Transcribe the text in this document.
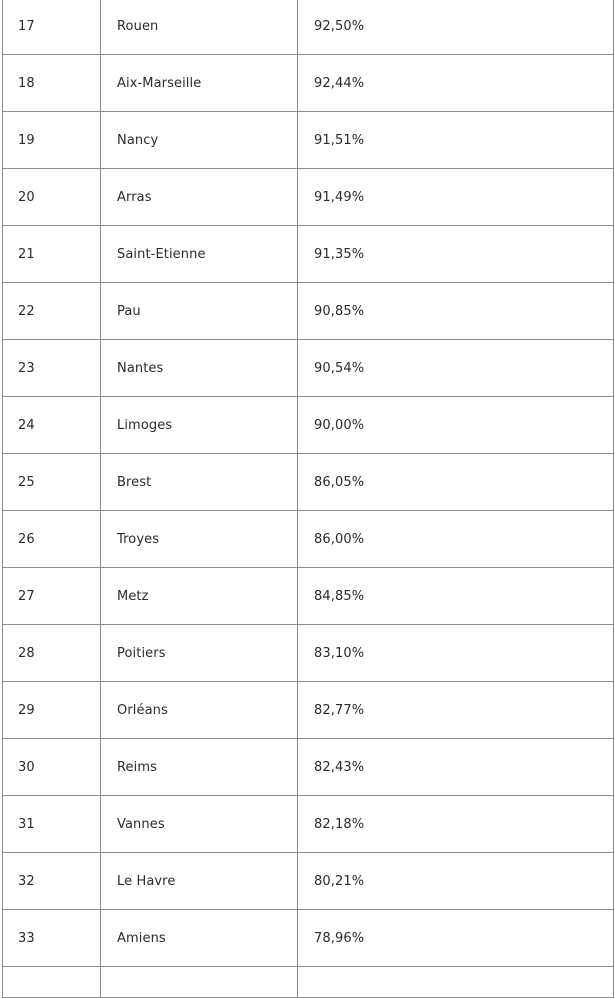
17	Rouen	92,50%
18	Aix-Marseille	92,44%
19	Nancy	91,51%
20	Arras	91,49%
21	Saint-Etienne	91,35%
22	Pau	90,85%
23	Nantes	90,54%
24	Limoges	90,00%
25	Brest	86,05%
26	Troyes	86,00%
27	Metz	84,85%
28	Poitiers	83,10%
29	Orléans	82,77%
30	Reims	82,43%
31	Vannes	82,18%
32	Le Havre	80,21%
33	Amiens	78,96%
